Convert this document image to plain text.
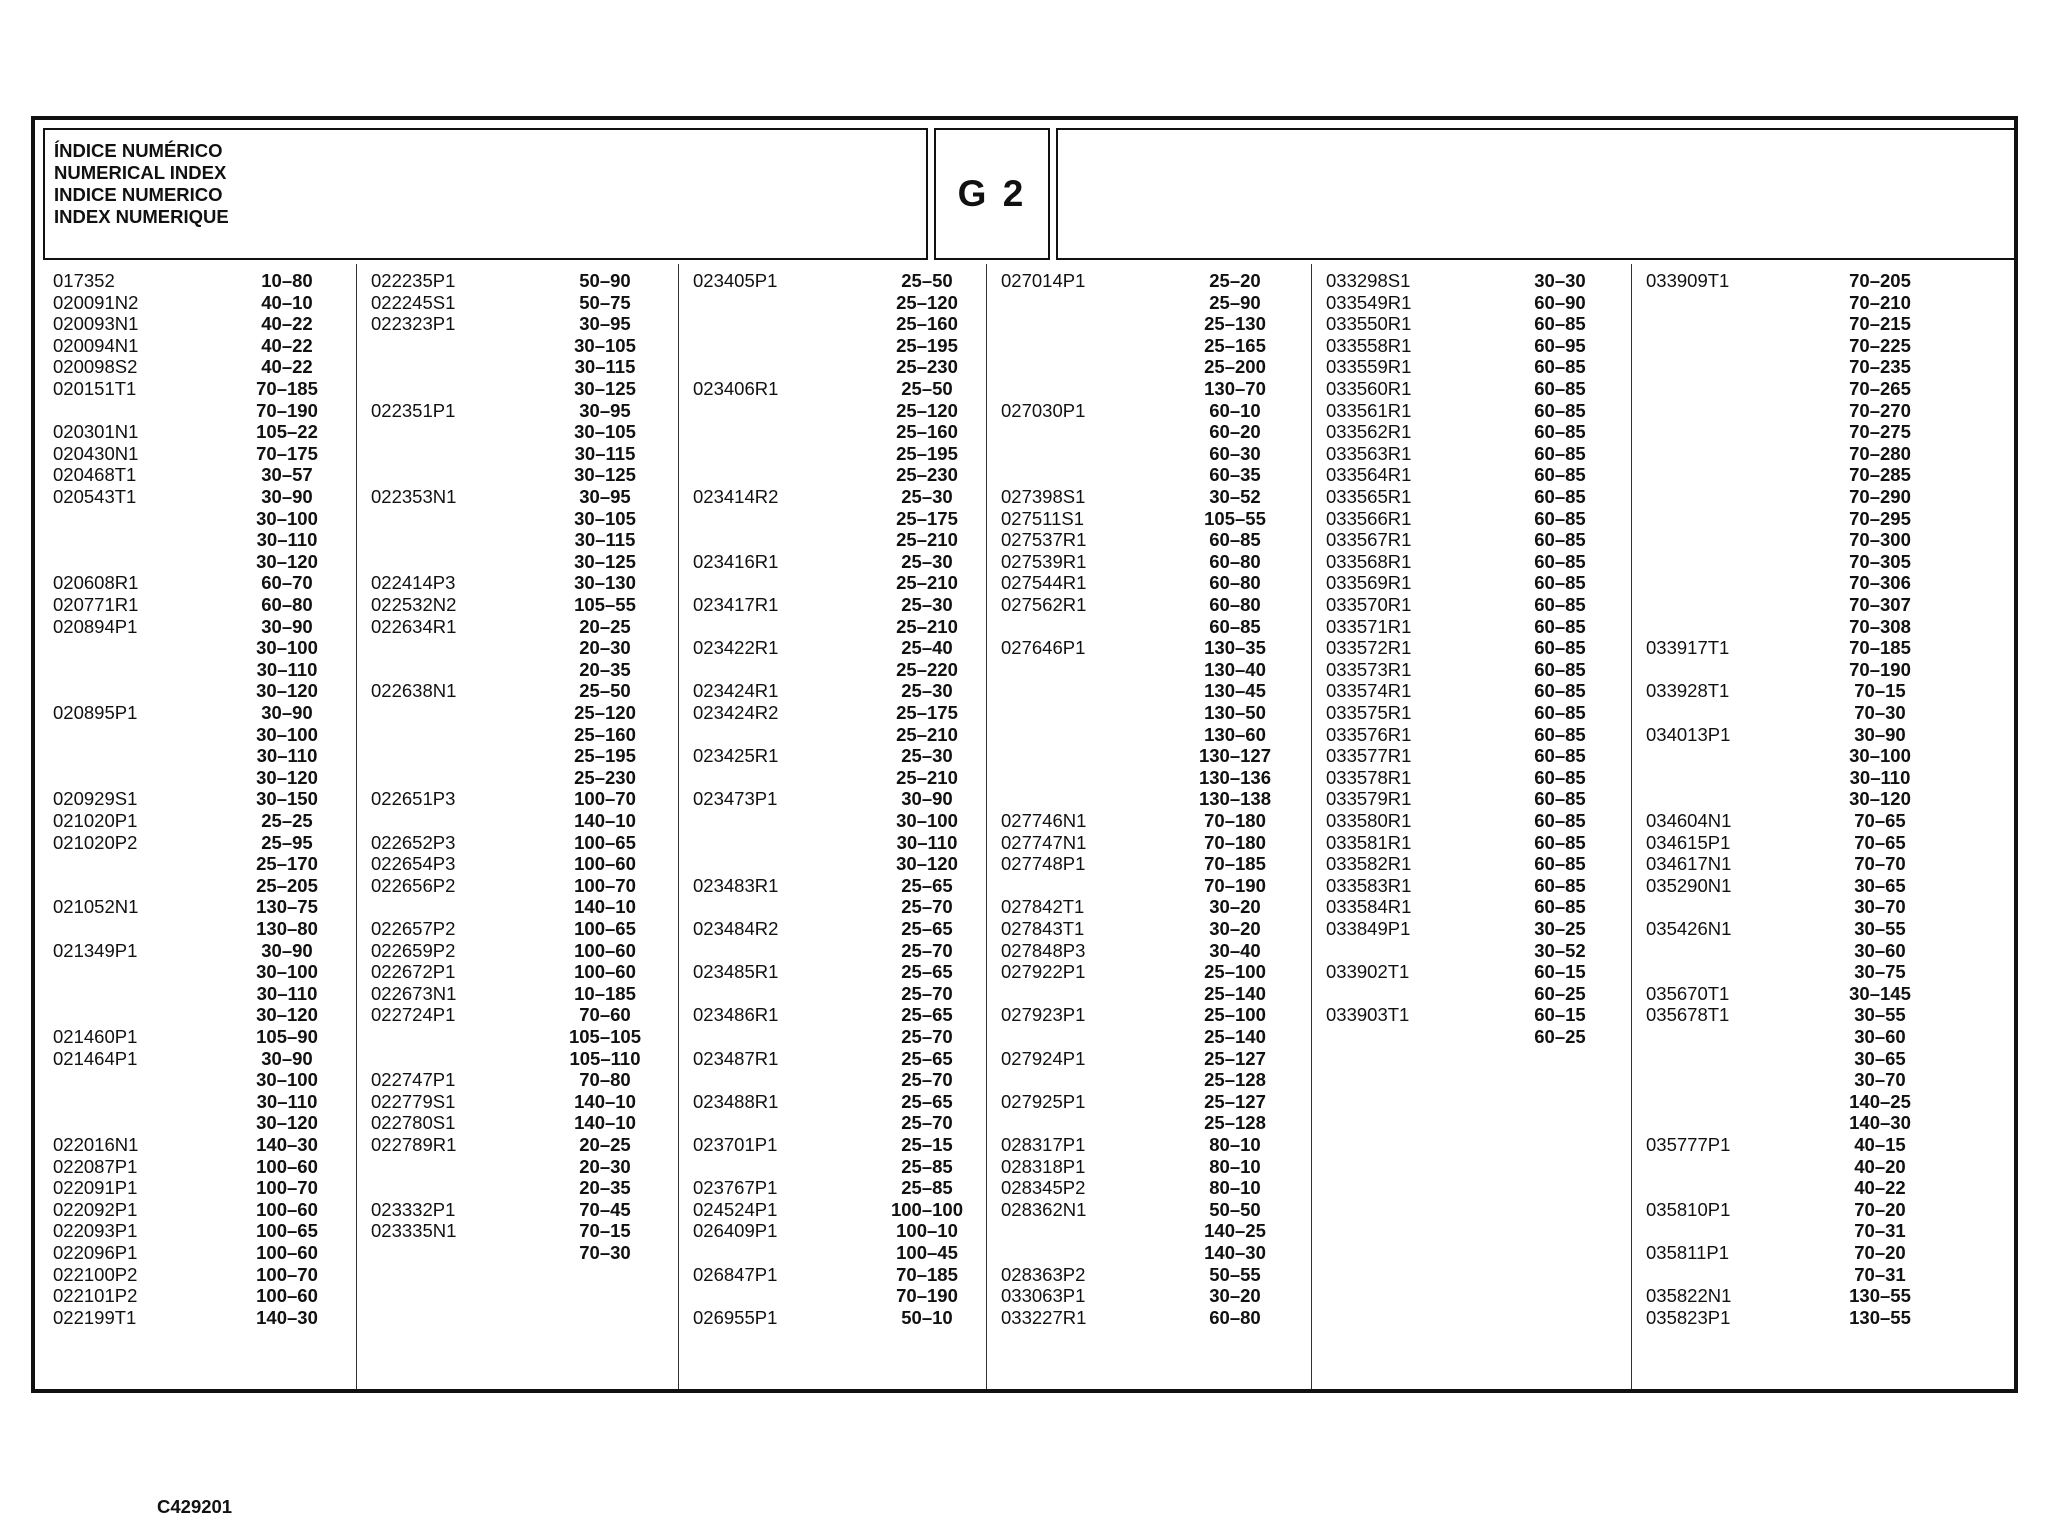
ÍNDICE NUMÉRICO
NUMERICAL INDEX
INDICE NUMERICO
INDEX NUMERIQUE
G 2
C429201
017352	10–80
020091N2	40–10
020093N1	40–22
020094N1	40–22
020098S2	40–22
020151T1	70–185
70–190
020301N1	105–22
020430N1	70–175
020468T1	30–57
020543T1	30–90
30–100
30–110
30–120
020608R1	60–70
020771R1	60–80
020894P1	30–90
30–100
30–110
30–120
020895P1	30–90
30–100
30–110
30–120
020929S1	30–150
021020P1	25–25
021020P2	25–95
25–170
25–205
021052N1	130–75
130–80
021349P1	30–90
30–100
30–110
30–120
021460P1	105–90
021464P1	30–90
30–100
30–110
30–120
022016N1	140–30
022087P1	100–60
022091P1	100–70
022092P1	100–60
022093P1	100–65
022096P1	100–60
022100P2	100–70
022101P2	100–60
022199T1	140–30
022235P1	50–90
022245S1	50–75
022323P1	30–95
30–105
30–115
30–125
022351P1	30–95
30–105
30–115
30–125
022353N1	30–95
30–105
30–115
30–125
022414P3	30–130
022532N2	105–55
022634R1	20–25
20–30
20–35
022638N1	25–50
25–120
25–160
25–195
25–230
022651P3	100–70
140–10
022652P3	100–65
022654P3	100–60
022656P2	100–70
140–10
022657P2	100–65
022659P2	100–60
022672P1	100–60
022673N1	10–185
022724P1	70–60
105–105
105–110
022747P1	70–80
022779S1	140–10
022780S1	140–10
022789R1	20–25
20–30
20–35
023332P1	70–45
023335N1	70–15
70–30
023405P1	25–50
25–120
25–160
25–195
25–230
023406R1	25–50
25–120
25–160
25–195
25–230
023414R2	25–30
25–175
25–210
023416R1	25–30
25–210
023417R1	25–30
25–210
023422R1	25–40
25–220
023424R1	25–30
023424R2	25–175
25–210
023425R1	25–30
25–210
023473P1	30–90
30–100
30–110
30–120
023483R1	25–65
25–70
023484R2	25–65
25–70
023485R1	25–65
25–70
023486R1	25–65
25–70
023487R1	25–65
25–70
023488R1	25–65
25–70
023701P1	25–15
25–85
023767P1	25–85
024524P1	100–100
026409P1	100–10
100–45
026847P1	70–185
70–190
026955P1	50–10
027014P1	25–20
25–90
25–130
25–165
25–200
130–70
027030P1	60–10
60–20
60–30
60–35
027398S1	30–52
027511S1	105–55
027537R1	60–85
027539R1	60–80
027544R1	60–80
027562R1	60–80
60–85
027646P1	130–35
130–40
130–45
130–50
130–60
130–127
130–136
130–138
027746N1	70–180
027747N1	70–180
027748P1	70–185
70–190
027842T1	30–20
027843T1	30–20
027848P3	30–40
027922P1	25–100
25–140
027923P1	25–100
25–140
027924P1	25–127
25–128
027925P1	25–127
25–128
028317P1	80–10
028318P1	80–10
028345P2	80–10
028362N1	50–50
140–25
140–30
028363P2	50–55
033063P1	30–20
033227R1	60–80
033298S1	30–30
033549R1	60–90
033550R1	60–85
033558R1	60–95
033559R1	60–85
033560R1	60–85
033561R1	60–85
033562R1	60–85
033563R1	60–85
033564R1	60–85
033565R1	60–85
033566R1	60–85
033567R1	60–85
033568R1	60–85
033569R1	60–85
033570R1	60–85
033571R1	60–85
033572R1	60–85
033573R1	60–85
033574R1	60–85
033575R1	60–85
033576R1	60–85
033577R1	60–85
033578R1	60–85
033579R1	60–85
033580R1	60–85
033581R1	60–85
033582R1	60–85
033583R1	60–85
033584R1	60–85
033849P1	30–25
30–52
033902T1	60–15
60–25
033903T1	60–15
60–25
033909T1	70–205
70–210
70–215
70–225
70–235
70–265
70–270
70–275
70–280
70–285
70–290
70–295
70–300
70–305
70–306
70–307
70–308
033917T1	70–185
70–190
033928T1	70–15
70–30
034013P1	30–90
30–100
30–110
30–120
034604N1	70–65
034615P1	70–65
034617N1	70–70
035290N1	30–65
30–70
035426N1	30–55
30–60
30–75
035670T1	30–145
035678T1	30–55
30–60
30–65
30–70
140–25
140–30
035777P1	40–15
40–20
40–22
035810P1	70–20
70–31
035811P1	70–20
70–31
035822N1	130–55
035823P1	130–55
